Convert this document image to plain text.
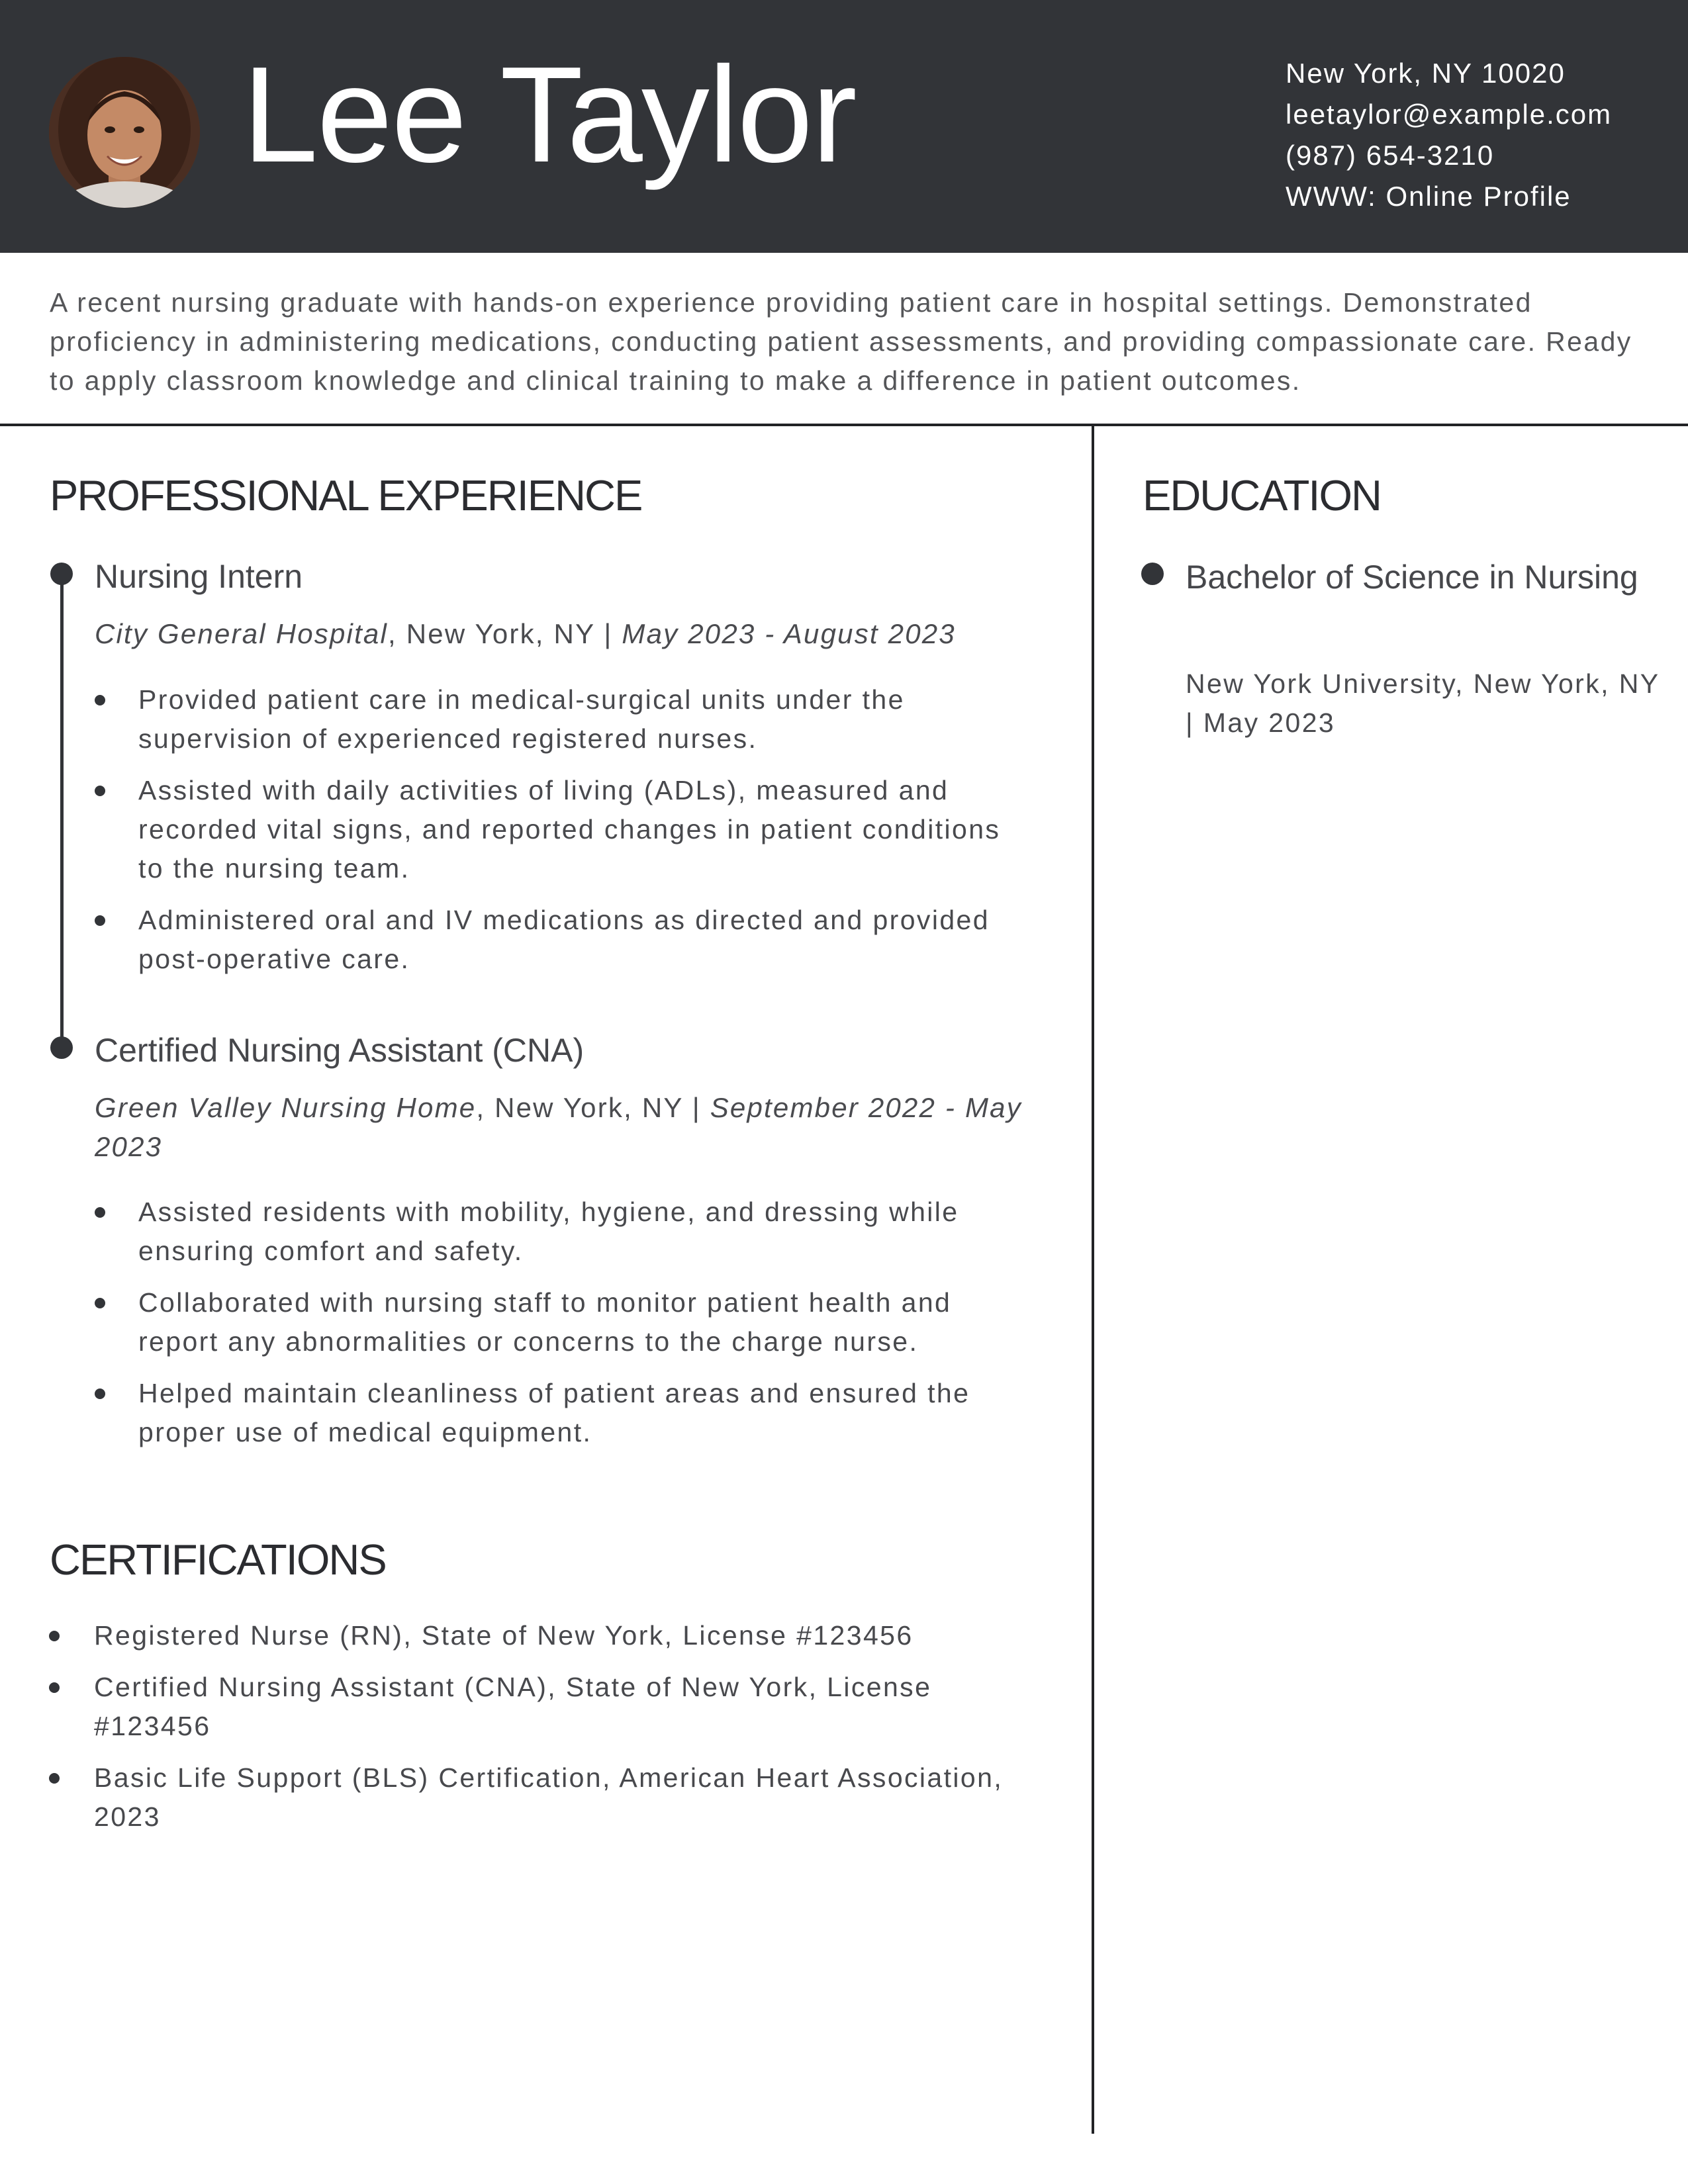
Lee Taylor	New York, NY 10020
leetaylor@example.com
(987) 654-3210
WWW: Online Profile
A recent nursing graduate with hands-on experience providing patient care in hospital settings. Demonstrated proficiency in administering medications, conducting patient assessments, and providing compassionate care. Ready to apply classroom knowledge and clinical training to make a difference in patient outcomes.
PROFESSIONAL EXPERIENCE
Nursing Intern
City General Hospital, New York, NY | May 2023 - August 2023
Provided patient care in medical-surgical units under the supervision of experienced registered nurses.
Assisted with daily activities of living (ADLs), measured and recorded vital signs, and reported changes in patient conditions to the nursing team.
Administered oral and IV medications as directed and provided post-operative care.
Certified Nursing Assistant (CNA)
Green Valley Nursing Home, New York, NY | September 2022 - May 2023
Assisted residents with mobility, hygiene, and dressing while ensuring comfort and safety.
Collaborated with nursing staff to monitor patient health and report any abnormalities or concerns to the charge nurse.
Helped maintain cleanliness of patient areas and ensured the proper use of medical equipment.
CERTIFICATIONS
Registered Nurse (RN), State of New York, License #123456
Certified Nursing Assistant (CNA), State of New York, License #123456
Basic Life Support (BLS) Certification, American Heart Association, 2023
EDUCATION
Bachelor of Science in Nursing
New York University, New York, NY | May 2023
